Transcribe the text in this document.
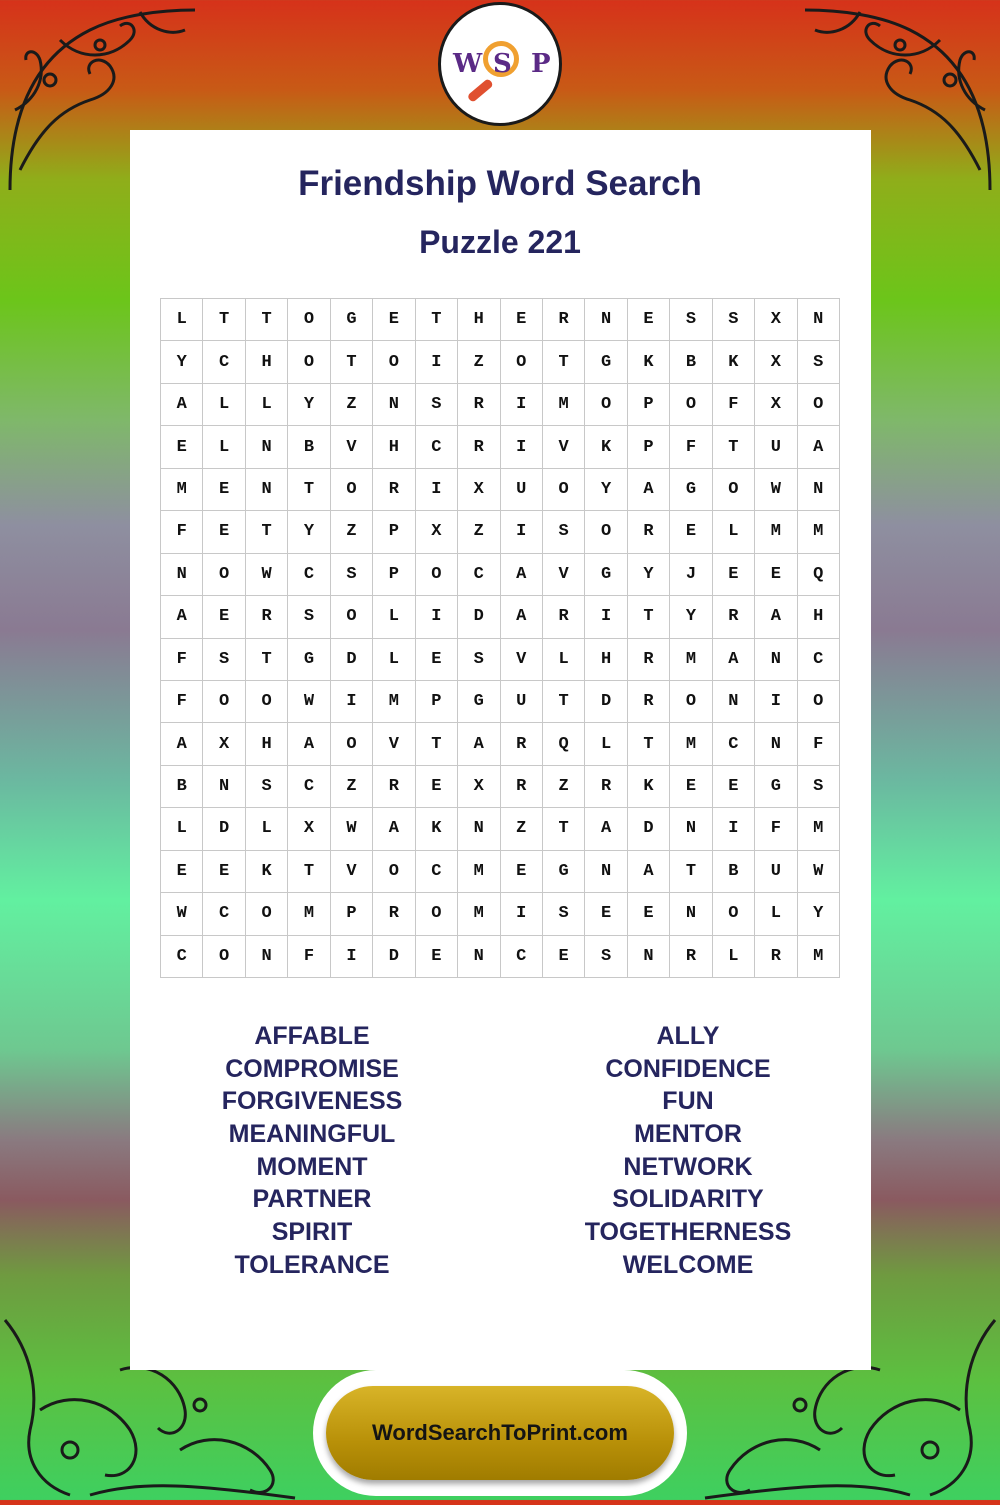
W S P
Friendship Word Search
Puzzle 221
L	T	T	O	G	E	T	H	E	R	N	E	S	S	X	N
Y	C	H	O	T	O	I	Z	O	T	G	K	B	K	X	S
A	L	L	Y	Z	N	S	R	I	M	O	P	O	F	X	O
E	L	N	B	V	H	C	R	I	V	K	P	F	T	U	A
M	E	N	T	O	R	I	X	U	O	Y	A	G	O	W	N
F	E	T	Y	Z	P	X	Z	I	S	O	R	E	L	M	M
N	O	W	C	S	P	O	C	A	V	G	Y	J	E	E	Q
A	E	R	S	O	L	I	D	A	R	I	T	Y	R	A	H
F	S	T	G	D	L	E	S	V	L	H	R	M	A	N	C
F	O	O	W	I	M	P	G	U	T	D	R	O	N	I	O
A	X	H	A	O	V	T	A	R	Q	L	T	M	C	N	F
B	N	S	C	Z	R	E	X	R	Z	R	K	E	E	G	S
L	D	L	X	W	A	K	N	Z	T	A	D	N	I	F	M
E	E	K	T	V	O	C	M	E	G	N	A	T	B	U	W
W	C	O	M	P	R	O	M	I	S	E	E	N	O	L	Y
C	O	N	F	I	D	E	N	C	E	S	N	R	L	R	M
AFFABLE
COMPROMISE
FORGIVENESS
MEANINGFUL
MOMENT
PARTNER
SPIRIT
TOLERANCE
ALLY
CONFIDENCE
FUN
MENTOR
NETWORK
SOLIDARITY
TOGETHERNESS
WELCOME
WordSearchToPrint.com
